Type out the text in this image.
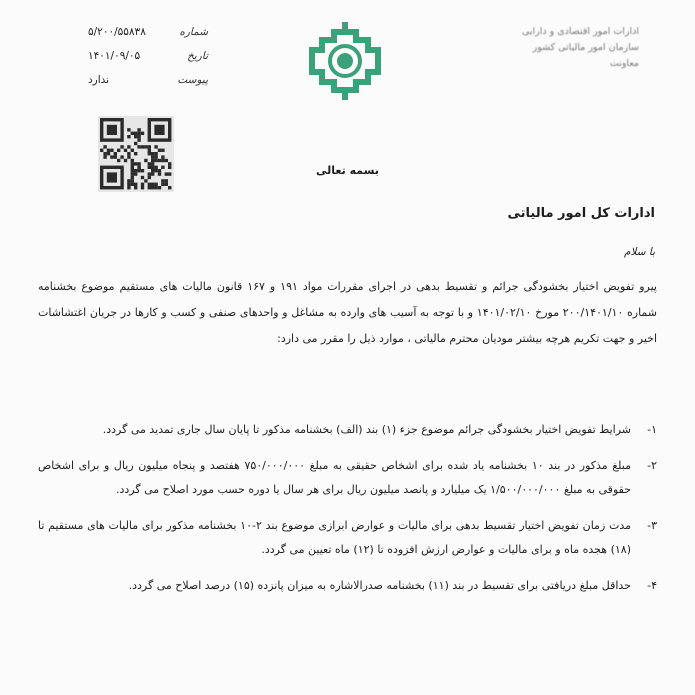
۵/۲۰۰/۵۵۸۳۸	شماره
۱۴۰۱/۰۹/۰۵	تاریخ
ندارد	پیوست
ادارات امور اقتصادی و دارایی
سازمان امور مالیاتی کشور
معاونت
بسمه تعالی
ادارات کل امور مالیاتی
با سلام

پیرو تفویض اختیار بخشودگی جرائم و تقسیط بدهی در اجرای مقررات مواد ۱۹۱ و ۱۶۷ قانون مالیات های مستقیم موضوع بخشنامه شماره ۲۰۰/۱۴۰۱/۱۰ مورخ ۱۴۰۱/۰۲/۱۰ و با توجه به آسیب های وارده به مشاغل و واحدهای صنفی و کسب و کارها در جریان اغتشاشات اخیر و جهت تکریم هرچه بیشتر مودیان محترم مالیاتی ، موارد ذیل را مقرر می دارد:

۱-
شرایط تفویض اختیار بخشودگی جرائم موضوع جزء (۱) بند (الف) بخشنامه مذکور تا پایان سال جاری تمدید می گردد.
۲-
مبلغ مذکور در بند ۱۰ بخشنامه یاد شده برای اشخاص حقیقی به مبلغ ۷۵۰/۰۰۰/۰۰۰ هفتصد و پنجاه میلیون ریال و برای اشخاص حقوقی به مبلغ ۱/۵۰۰/۰۰۰/۰۰۰ یک میلیارد و پانصد میلیون ریال برای هر سال یا دوره حسب مورد اصلاح می گردد.
۳-
مدت زمان تفویض اختیار تقسیط بدهی برای مالیات و عوارض ابرازی موضوع بند ۲-۱۰ بخشنامه مذکور برای مالیات های مستقیم تا (۱۸) هجده ماه و برای مالیات و عوارض ارزش افزوده تا (۱۲) ماه تعیین می گردد.
۴-
حداقل مبلغ دریافتی برای تقسیط در بند (۱۱) بخشنامه صدرالاشاره به میزان پانزده (۱۵) درصد اصلاح می گردد.
